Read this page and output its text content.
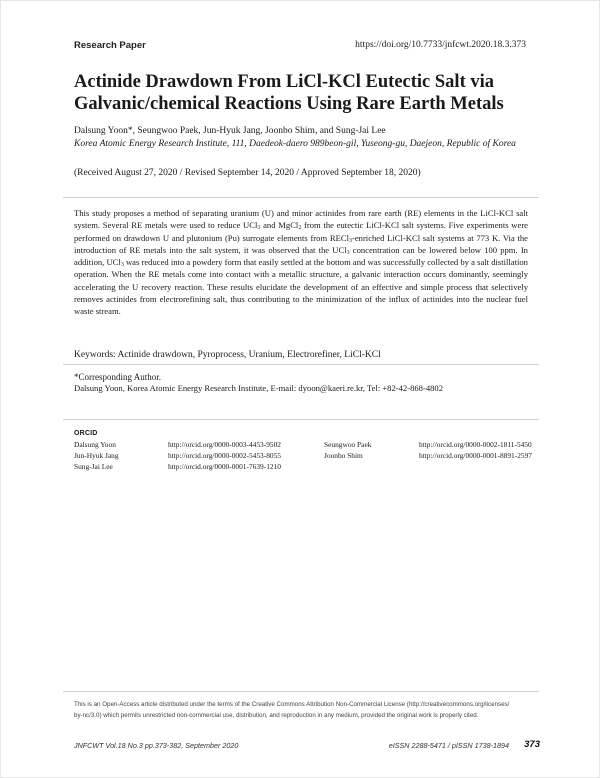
Research Paper	https://doi.org/10.7733/jnfcwt.2020.18.3.373
Actinide Drawdown From LiCl-KCl Eutectic Salt via Galvanic/chemical Reactions Using Rare Earth Metals
Dalsung Yoon*, Seungwoo Paek, Jun-Hyuk Jang, Joonbo Shim, and Sung-Jai Lee
Korea Atomic Energy Research Institute, 111, Daedeok-daero 989beon-gil, Yuseong-gu, Daejeon, Republic of Korea
(Received August 27, 2020 / Revised September 14, 2020 / Approved September 18, 2020)

This study proposes a method of separating uranium (U) and minor actinides from rare earth (RE) elements in the LiCl-KCl salt system. Several RE metals were used to reduce UCl$_3$ and MgCl$_2$ from the eutectic LiCl-KCl salt systems. Five experiments were performed on drawdown U and plutonium (Pu) surrogate elements from RECl$_3$-enriched LiCl-KCl salt systems at 773 K. Via the introduction of RE metals into the salt system, it was observed that the UCl$_3$ concentration can be lowered below 100 ppm. In addition, UCl$_3$ was reduced into a powdery form that easily settled at the bottom and was successfully collected by a salt distillation operation. When the RE metals come into contact with a metallic structure, a galvanic interaction occurs dominantly, seemingly accelerating the U recovery reaction. These results elucidate the development of an effective and simple process that selectively removes actinides from electrorefining salt, thus contributing to the minimization of the influx of actinides into the nuclear fuel waste stream.

Keywords: Actinide drawdown, Pyroprocess, Uranium, Electrorefiner, LiCl-KCl
*Corresponding Author.
Dalsung Yoon, Korea Atomic Energy Research Institute, E-mail: dyoon@kaeri.re.kr, Tel: +82-42-868-4802
ORCID
Dalsung Yoon	http://orcid.org/0000-0003-4453-9502	Seungwoo Paek	http://orcid.org/0000-0002-1811-5450
Jun-Hyuk Jang	http://orcid.org/0000-0002-5453-8055	Joonbo Shim	http://orcid.org/0000-0001-8891-2597
Sung-Jai Lee	http://orcid.org/0000-0001-7639-1210

This is an Open-Access article distributed under the terms of the Creative Commons Attribution Non-Commercial License (http://creativecommons.org/licenses/

by-nc/3.0) which permits unrestricted non-commercial use, distribution, and reproduction in any medium, provided the original work is properly cited.

JNFCWT Vol.18 No.3 pp.373-382, September 2020	eISSN 2288-5471 / pISSN 1738-1894 373
